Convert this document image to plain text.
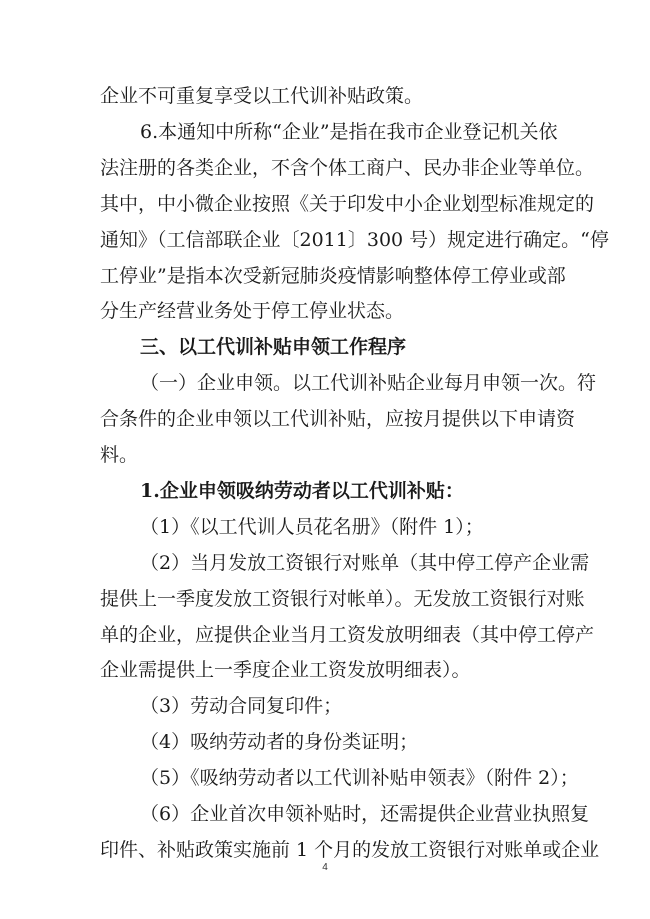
企业不可重复享受以工代训补贴政策。
6.本通知中所称“企业”是指在我市企业登记机关依
法注册的各类企业，不含个体工商户、民办非企业等单位。
其中，中小微企业按照《关于印发中小企业划型标准规定的
通知》（工信部联企业〔2011〕300 号）规定进行确定。“停
工停业”是指本次受新冠肺炎疫情影响整体停工停业或部
分生产经营业务处于停工停业状态。
三、以工代训补贴申领工作程序
（一）企业申领。以工代训补贴企业每月申领一次。符
合条件的企业申领以工代训补贴，应按月提供以下申请资
料。
1.企业申领吸纳劳动者以工代训补贴：
（1）《以工代训人员花名册》（附件 1）；
（2）当月发放工资银行对账单（其中停工停产企业需
提供上一季度发放工资银行对帐单）。无发放工资银行对账
单的企业，应提供企业当月工资发放明细表（其中停工停产
企业需提供上一季度企业工资发放明细表）。
（3）劳动合同复印件；
（4）吸纳劳动者的身份类证明；
（5）《吸纳劳动者以工代训补贴申领表》（附件 2）；
（6）企业首次申领补贴时，还需提供企业营业执照复
印件、补贴政策实施前 1 个月的发放工资银行对账单或企业
4
